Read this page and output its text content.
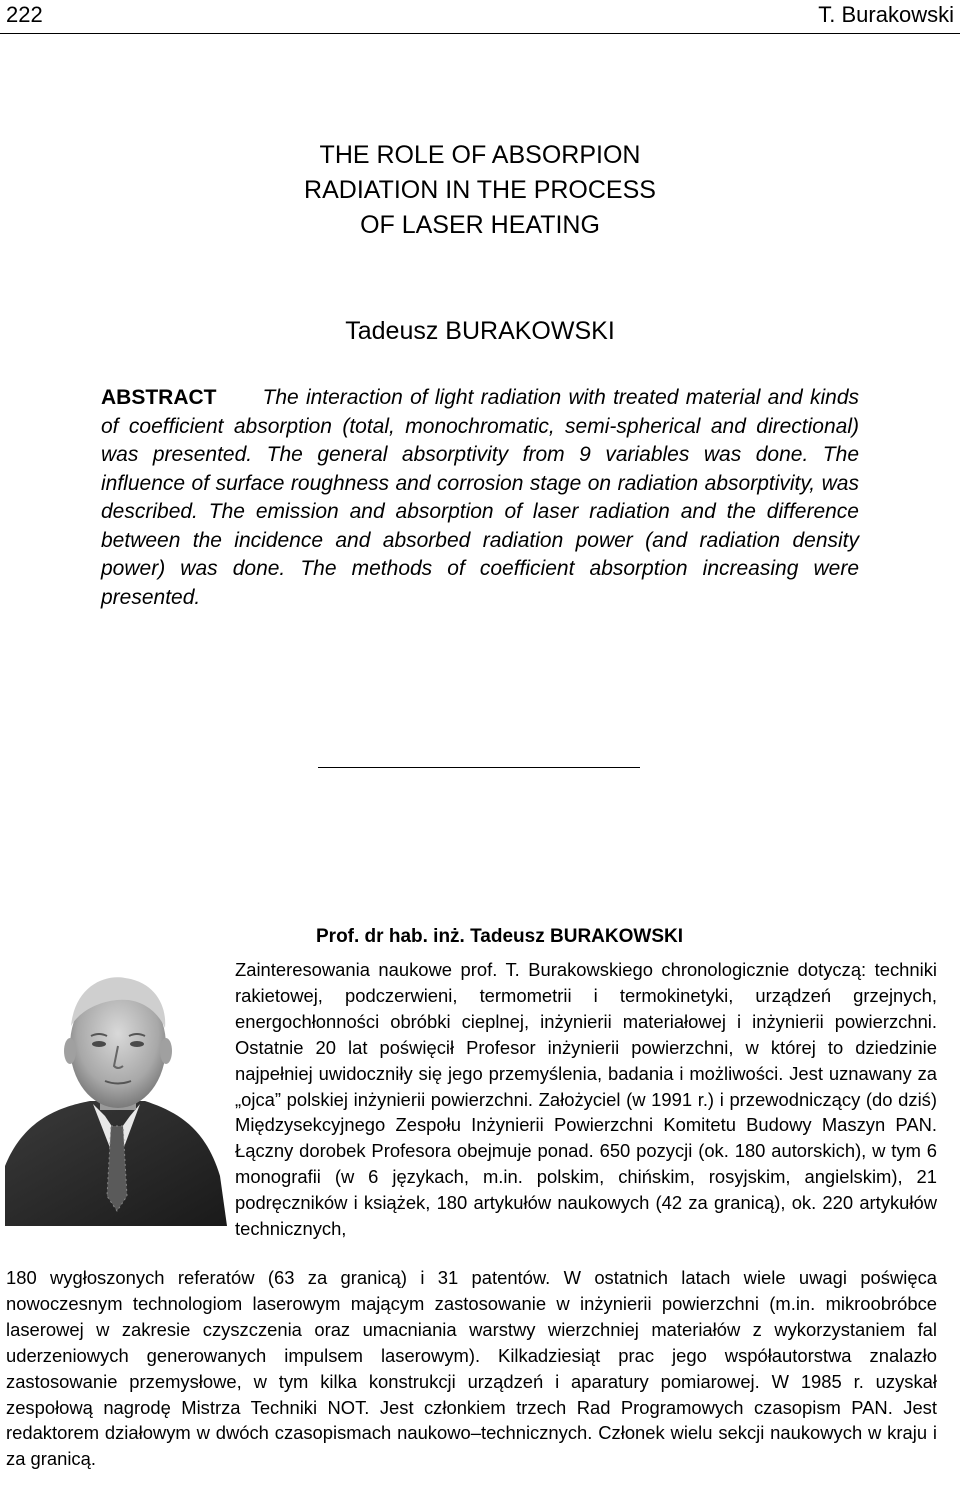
222	T. Burakowski
THE ROLE OF ABSORPION
RADIATION IN THE PROCESS
OF LASER HEATING
Tadeusz BURAKOWSKI
ABSTRACT The interaction of light radiation with treated material and kinds of coefficient absorption (total, monochromatic, semi-spherical and directional) was presented. The general absorptivity from 9 variables was done. The influence of surface roughness and corrosion stage on radiation absorptivity, was described. The emission and absorption of laser radiation and the difference between the incidence and absorbed radiation power (and radiation density power) was done. The methods of coefficient absorption increasing were presented.
Prof. dr hab. inż. Tadeusz BURAKOWSKI
Zainteresowania naukowe prof. T. Burakowskiego chronologicznie dotyczą: techniki rakietowej, podczerwieni, termometrii i termokinetyki, urządzeń grzejnych, energochłonności obróbki cieplnej, inżynierii materiałowej i inżynierii powierzchni. Ostatnie 20 lat poświęcił Profesor inżynierii powierzchni, w której to dziedzinie najpełniej uwidoczniły się jego przemyślenia, badania i możliwości. Jest uznawany za „ojca” polskiej inżynierii powierzchni. Założyciel (w 1991 r.) i przewodniczący (do dziś) Międzysekcyjnego Zespołu Inżynierii Powierzchni Komitetu Budowy Maszyn PAN. Łączny dorobek Profesora obejmuje ponad. 650 pozycji (ok. 180 autorskich), w tym 6 monografii (w 6 językach, m.in. polskim, chińskim, rosyjskim, angielskim), 21 podręczników i książek, 180 artykułów naukowych (42 za granicą), ok. 220 artykułów technicznych,
180 wygłoszonych referatów (63 za granicą) i 31 patentów. W ostatnich latach wiele uwagi poświęca nowoczesnym technologiom laserowym mającym zastosowanie w inżynierii powierzchni (m.in. mikroobróbce laserowej w zakresie czyszczenia oraz umacniania warstwy wierzchniej materiałów z wykorzystaniem fal uderzeniowych generowanych impulsem laserowym). Kilkadziesiąt prac jego współautorstwa znalazło zastosowanie przemysłowe, w tym kilka konstrukcji urządzeń i aparatury pomiarowej. W 1985 r. uzyskał zespołową nagrodę Mistrza Techniki NOT. Jest członkiem trzech Rad Programowych czasopism PAN. Jest redaktorem działowym w dwóch czasopismach naukowo–technicznych. Członek wielu sekcji naukowych w kraju i za granicą.
